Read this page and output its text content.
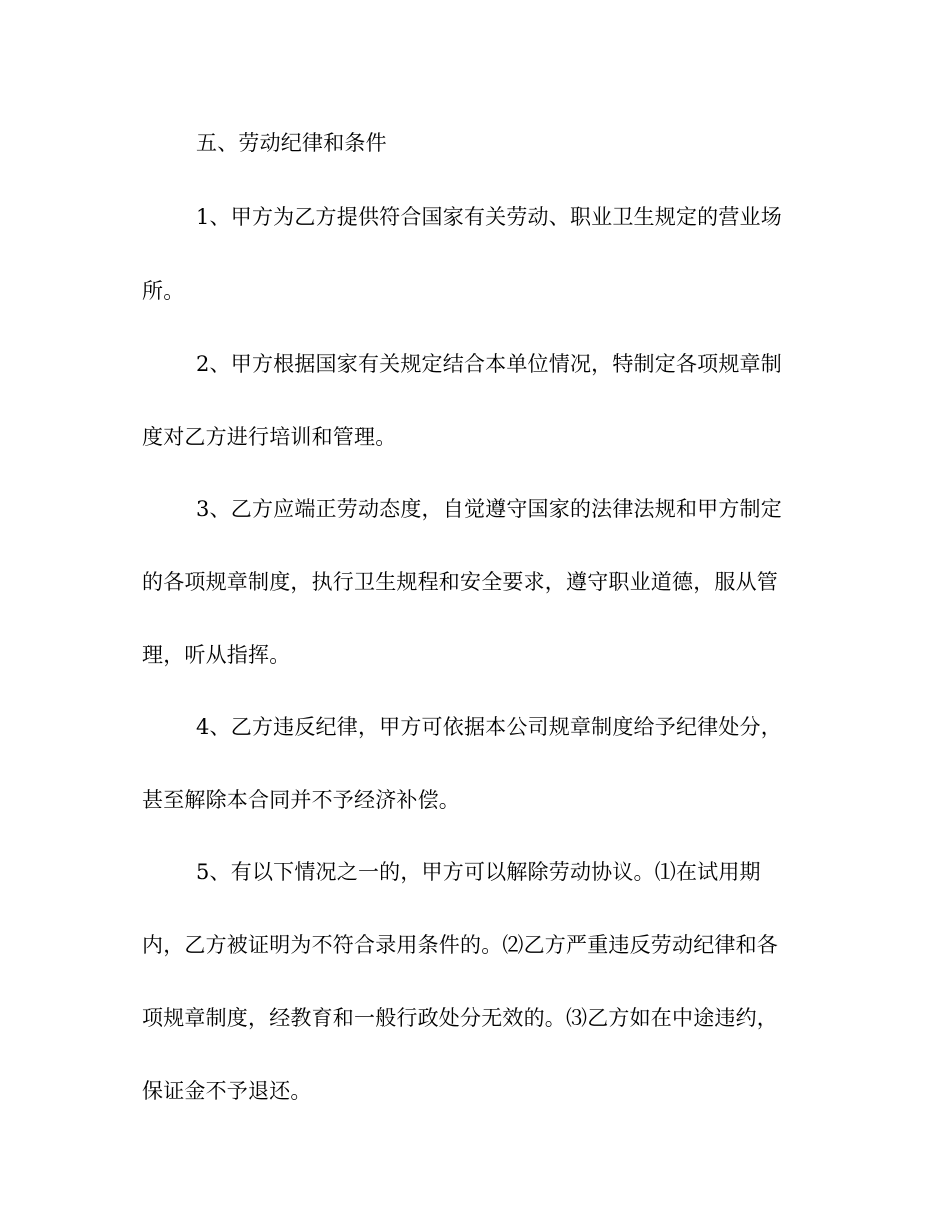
五、劳动纪律和条件
1、甲方为乙方提供符合国家有关劳动、职业卫生规定的营业场
所。
2、甲方根据国家有关规定结合本单位情况，特制定各项规章制
度对乙方进行培训和管理。
3、乙方应端正劳动态度，自觉遵守国家的法律法规和甲方制定
的各项规章制度，执行卫生规程和安全要求，遵守职业道德，服从管
理，听从指挥。
4、乙方违反纪律，甲方可依据本公司规章制度给予纪律处分，
甚至解除本合同并不予经济补偿。
5、有以下情况之一的，甲方可以解除劳动协议。⑴在试用期
内，乙方被证明为不符合录用条件的。⑵乙方严重违反劳动纪律和各
项规章制度，经教育和一般行政处分无效的。⑶乙方如在中途违约，
保证金不予退还。
